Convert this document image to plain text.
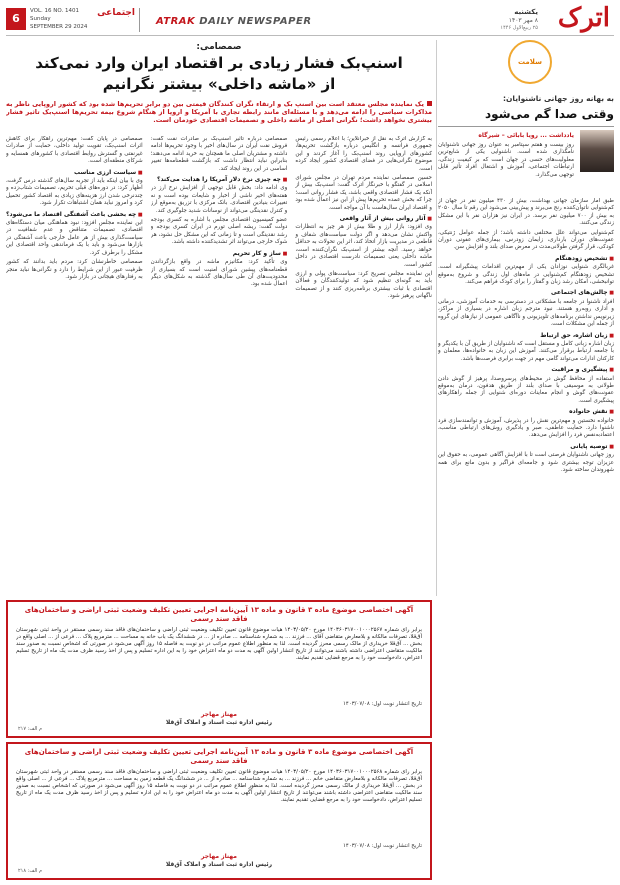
6	اجتماعی
VOL. 16 NO. 1401
Sunday
SEPTEMBER 29 2024	ATRAK DAILY NEWSPAPER	اترک
یکشنبه
۸ مهر ۱۴۰۳
۲۵ ربیع‌الاول ۱۴۴۶
صمصامی:
اسنپ‌بک فشار زیادی بر اقتصاد ایران وارد نمی‌کند
از «ماشه داخلی» بیشتر نگرانیم
یک نماینده مجلس معتقد است بین اسنپ بک و ارتقاء نگران کنندگان قیمتی بین دو برابر ‌تحریم‌ها شده بود که کشور اروپایی ناظر به مذاکرات سیاسی را ادامه می‌دهد و با مسئله‌ای مانند رابطه تجاری با آمریکا و اروپا از هنگام شروع بیمه تحریم‌ها ‌اسنپ‌بک تاثیر فشار بیشتری نخواهد داشت؛ نگرانی اصلی از ماشه داخلی و تصمیمات اقتصادی خودمان است.

به گزارش اترک به نقل از خبرآنلاین؛ با اعلام رسمی رئیس جمهوری فرانسه و انگلیس درباره بازگشت تحریم‌ها، کشورهای اروپایی روند اسنپ‌بک را آغاز کردند و این موضوع نگرانی‌هایی در فضای اقتصادی کشور ایجاد کرده است.

حسین صمصامی نماینده مردم تهران در مجلس شورای اسلامی در گفتگو با خبرنگار اترک گفت: اسنپ‌بک بیش از آنکه یک فشار اقتصادی واقعی باشد، یک فشار روانی است؛ چرا که بخش عمده تحریم‌ها پیش از این نیز اعمال شده بود و اقتصاد ایران سال‌هاست با آن مواجه است.

■ آثار روانی بیش از آثار واقعی

وی افزود: بازار ارز و طلا بیش از هر چیز به انتظارات واکنش نشان می‌دهد و اگر دولت سیاست‌های شفاف و قاطعی در مدیریت بازار اتخاذ کند، اثر این تحولات به حداقل خواهد رسید. آنچه بیشتر از اسنپ‌بک نگران‌کننده است، ماشه داخلی یعنی تصمیمات نادرست اقتصادی در داخل کشور است.

این نماینده مجلس تصریح کرد: سیاست‌های پولی و ارزی باید به گونه‌ای تنظیم شود که تولیدکنندگان و فعالان اقتصادی با ثبات بیشتری برنامه‌ریزی کنند و از تصمیمات ناگهانی پرهیز شود.

صمصامی درباره تأثیر اسنپ‌بک بر صادرات نفت گفت: فروش نفت ایران در سال‌های اخیر با وجود تحریم‌ها ادامه داشته و مشتریان اصلی ما همچنان به خرید ادامه می‌دهند؛ بنابراین نباید انتظار داشت که بازگشت قطعنامه‌ها تغییر اساسی در این روند ایجاد کند.

■ چه چیزی نرخ دلار آمریکا را هدایت می‌کند؟

وی ادامه داد: بخش قابل توجهی از افزایش نرخ ارز در هفته‌های اخیر ناشی از اخبار و شایعات بوده است و نه تغییرات بنیادین اقتصادی. بانک مرکزی با تزریق به‌موقع ارز و کنترل نقدینگی می‌تواند از نوسانات شدید جلوگیری کند.

عضو کمیسیون اقتصادی مجلس با اشاره به کسری بودجه دولت گفت: ریشه اصلی تورم در ایران کسری بودجه و رشد نقدینگی است و تا زمانی که این مشکل حل نشود، هر شوک خارجی می‌تواند اثر تشدیدکننده داشته باشد.

■ ساز و کار تحریم

وی تأکید کرد: مکانیزم ماشه در واقع بازگرداندن قطعنامه‌های پیشین شورای امنیت است که بسیاری از محدودیت‌های آن طی سال‌های گذشته به شکل‌های دیگر اعمال شده بود.

صمصامی در پایان گفت: مهم‌ترین راهکار برای کاهش اثرات اسنپ‌بک، تقویت تولید داخلی، حمایت از صادرات غیرنفتی و گسترش روابط اقتصادی با کشورهای همسایه و شرکای منطقه‌ای است.

■ سیاست ارزی مناسب

وی با بیان اینکه باید از تجربه سال‌های گذشته درس گرفت، اظهار کرد: در دوره‌های قبلی تحریم، تصمیمات شتاب‌زده و چندنرخی شدن ارز هزینه‌های زیادی به اقتصاد کشور تحمیل کرد و امروز نباید همان اشتباهات تکرار شود.

■ چه بخشی باعث آشفتگی اقتصاد ما می‌شود؟

این نماینده مجلس افزود: نبود هماهنگی میان دستگاه‌های اقتصادی، تصمیمات متناقض و عدم شفافیت در سیاست‌گذاری بیش از هر عامل خارجی باعث آشفتگی در بازارها می‌شود و باید با یک فرماندهی واحد اقتصادی این مشکل را برطرف کرد.

صمصامی خاطرنشان کرد: مردم باید بدانند که کشور ظرفیت عبور از این شرایط را دارد و نگرانی‌ها نباید منجر به رفتارهای هیجانی در بازار شود.

سلامت
به بهانه روز جهانی ناشنوایان:
وقتی صدا گم می‌شود
یادداشت ... رویا بابائی – شیرگاه
روز بیست‌ و هفتم سپتامبر به عنوان روز جهانی ناشنوایان نامگذاری شده است. ناشنوایی یکی از شایع‌ترین معلولیت‌های حسی در جهان است که بر کیفیت زندگی، ارتباطات اجتماعی، آموزش و اشتغال افراد تأثیر قابل توجهی می‌گذارد.

طبق آمار سازمان جهانی بهداشت، بیش از ۴۳۰ میلیون نفر در جهان از کم‌شنوایی ناتوان‌کننده رنج می‌برند و پیش‌بینی می‌شود این رقم تا سال ۲۰۵۰ به بیش از ۷۰۰ میلیون نفر برسد. در ایران نیز هزاران نفر با این مشکل زندگی می‌کنند.

کم‌شنوایی می‌تواند علل مختلفی داشته باشد؛ از جمله عوامل ژنتیکی، عفونت‌های دوران بارداری، زایمان زودرس، بیماری‌های عفونی دوران کودکی، قرار گرفتن طولانی‌مدت در معرض صدای بلند و افزایش سن.

■ تشخیص زودهنگام

غربالگری شنوایی نوزادان یکی از مهم‌ترین اقدامات پیشگیرانه است. تشخیص زودهنگام کم‌شنوایی در ماه‌های اول زندگی و شروع به‌موقع توانبخشی، امکان رشد زبان و گفتار را برای کودک فراهم می‌کند.

■ چالش‌های اجتماعی

افراد ناشنوا در جامعه با مشکلاتی در دسترسی به خدمات آموزشی، درمانی و اداری روبه‌رو هستند. نبود مترجم زبان اشاره در بسیاری از مراکز، زیرنویس نداشتن برنامه‌های تلویزیونی و ناآگاهی عمومی از نیازهای این گروه از جمله این مشکلات است.

■ زبان اشاره، حق ارتباط

زبان اشاره زبانی کامل و مستقل است که ناشنوایان از طریق آن با یکدیگر و با جامعه ارتباط برقرار می‌کنند. آموزش این زبان به خانواده‌ها، معلمان و کارکنان ادارات می‌تواند گامی مهم در جهت برابری فرصت‌ها باشد.

■ پیشگیری و مراقبت

استفاده از محافظ گوش در محیط‌های پرسروصدا، پرهیز از گوش دادن طولانی به موسیقی با صدای بلند از طریق هدفون، درمان به‌موقع عفونت‌های گوش و انجام معاینات دوره‌ای شنوایی از جمله راهکارهای پیشگیری است.

■ نقش خانواده

خانواده نخستین و مهم‌ترین نقش را در پذیرش، آموزش و توانمندسازی فرد ناشنوا دارد. حمایت عاطفی، صبر و یادگیری روش‌های ارتباطی مناسب، اعتمادبه‌نفس فرد را افزایش می‌دهد.

■ توصیه پایانی

روز جهانی ناشنوایان فرصتی است تا با افزایش آگاهی عمومی، به حقوق این عزیزان توجه بیشتری شود و جامعه‌ای فراگیر و بدون مانع برای همه شهروندان ساخته شود.

آگهی اختصاصی موضوع ماده ۳ قانون و ماده ۱۳ آیین‌نامه اجرایی تعیین تکلیف وضعیت ثبتی اراضی و ساختمان‌های فاقد سند رسمی
برابر رأی شماره ۱۴۰۳۶۰۳۱۷۰۰۱۰۰۰۲۵۶۷ مورخ ۱۴۰۳/۰۵/۲۰ هیأت موضوع قانون تعیین تکلیف وضعیت ثبتی اراضی و ساختمان‌های فاقد سند رسمی مستقر در واحد ثبتی شهرستان آق‌قلا، تصرفات مالکانه و بلامعارض متقاضی آقای ... فرزند ... به شماره شناسنامه ... صادره از ... در ششدانگ یک باب خانه به مساحت ... مترمربع پلاک ... فرعی از ... اصلی واقع در بخش ... آق‌قلا خریداری از مالک رسمی محرز گردیده است. لذا به منظور اطلاع عموم مراتب در دو نوبت به فاصله ۱۵ روز آگهی می‌شود در صورتی که اشخاص نسبت به صدور سند مالکیت متقاضی اعتراضی داشته باشند می‌توانند از تاریخ انتشار اولین آگهی به مدت دو ماه اعتراض خود را به این اداره تسلیم و پس از اخذ رسید ظرف مدت یک ماه از تاریخ تسلیم اعتراض، دادخواست خود را به مرجع قضایی تقدیم نمایند.
تاریخ انتشار نوبت اول: ۱۴۰۳/۰۷/۰۸
مهناز مهاجر
رئیس اداره ثبت اسناد و املاک آق‌قلا
م الف: ۲۱۷
آگهی اختصاصی موضوع ماده ۳ قانون و ماده ۱۳ آیین‌نامه اجرایی تعیین تکلیف وضعیت ثبتی اراضی و ساختمان‌های فاقد سند رسمی
برابر رأی شماره ۱۴۰۳۶۰۳۱۷۰۰۱۰۰۰۲۵۶۸ مورخ ۱۴۰۳/۰۵/۲۰ هیأت موضوع قانون تعیین تکلیف وضعیت ثبتی اراضی و ساختمان‌های فاقد سند رسمی مستقر در واحد ثبتی شهرستان آق‌قلا، تصرفات مالکانه و بلامعارض متقاضی خانم ... فرزند ... به شماره شناسنامه ... صادره از ... در ششدانگ یک قطعه زمین به مساحت ... مترمربع پلاک ... فرعی از ... اصلی واقع در بخش ... آق‌قلا خریداری از مالک رسمی محرز گردیده است. لذا به منظور اطلاع عموم مراتب در دو نوبت به فاصله ۱۵ روز آگهی می‌شود در صورتی که اشخاص نسبت به صدور سند مالکیت متقاضی اعتراضی داشته باشند می‌توانند از تاریخ انتشار اولین آگهی به مدت دو ماه اعتراض خود را به این اداره تسلیم و پس از اخذ رسید ظرف مدت یک ماه از تاریخ تسلیم اعتراض، دادخواست خود را به مرجع قضایی تقدیم نمایند.
تاریخ انتشار نوبت اول: ۱۴۰۳/۰۷/۰۸
مهناز مهاجر
رئیس اداره ثبت اسناد و املاک آق‌قلا
م الف: ۲۱۸
